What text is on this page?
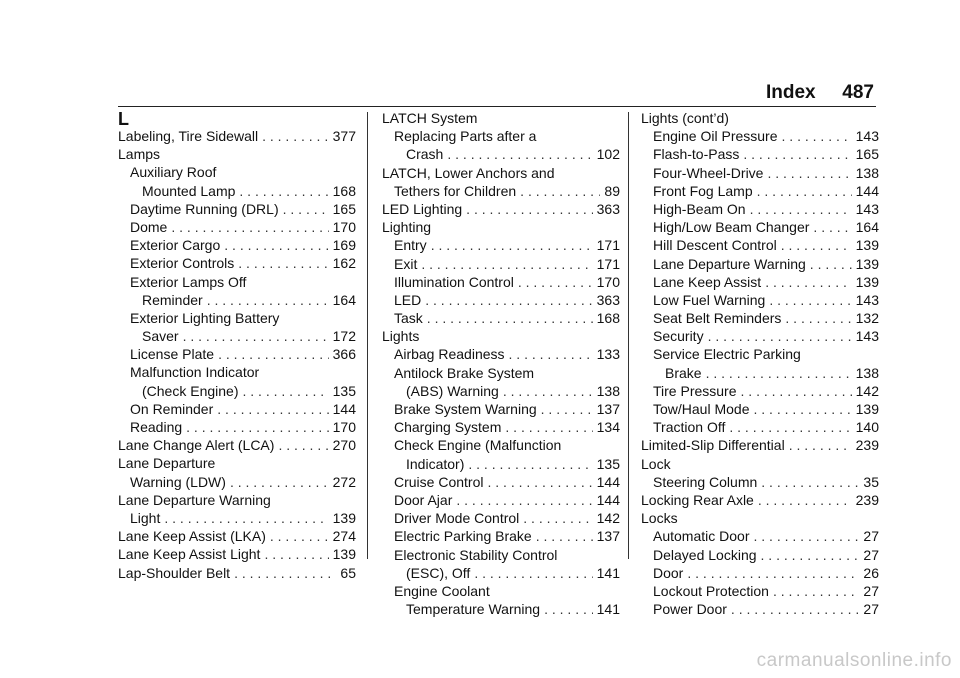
Index 487
L
Labeling, Tire Sidewall . . .	377
Lamps
Auxiliary Roof
Mounted Lamp . . .	168
Daytime Running (DRL) . . .	165
Dome . . .	170
Exterior Cargo . . .	169
Exterior Controls . . .	162
Exterior Lamps Off
Reminder . . .	164
Exterior Lighting Battery
Saver . . .	172
License Plate . . .	366
Malfunction Indicator
(Check Engine) . . .	135
On Reminder . . .	144
Reading . . .	170
Lane Change Alert (LCA) . . .	270
Lane Departure
Warning (LDW) . . .	272
Lane Departure Warning
Light . . .	139
Lane Keep Assist (LKA) . . .	274
Lane Keep Assist Light . . .	139
Lap-Shoulder Belt . . .	65
LATCH System
Replacing Parts after a
Crash . . .	102
LATCH, Lower Anchors and
Tethers for Children . . .	89
LED Lighting . . .	363
Lighting
Entry . . .	171
Exit . . .	171
Illumination Control . . .	170
LED . . .	363
Task . . .	168
Lights
Airbag Readiness . . .	133
Antilock Brake System
(ABS) Warning . . .	138
Brake System Warning . . .	137
Charging System . . .	134
Check Engine (Malfunction
Indicator) . . .	135
Cruise Control . . .	144
Door Ajar . . .	144
Driver Mode Control . . .	142
Electric Parking Brake . . .	137
Electronic Stability Control
(ESC), Off . . .	141
Engine Coolant
Temperature Warning . . .	141
Lights (cont’d)
Engine Oil Pressure . . .	143
Flash-to-Pass . . .	165
Four-Wheel-Drive . . .	138
Front Fog Lamp . . .	144
High-Beam On . . .	143
High/Low Beam Changer . . .	164
Hill Descent Control . . .	139
Lane Departure Warning . . .	139
Lane Keep Assist . . .	139
Low Fuel Warning . . .	143
Seat Belt Reminders . . .	132
Security . . .	143
Service Electric Parking
Brake . . .	138
Tire Pressure . . .	142
Tow/Haul Mode . . .	139
Traction Off . . .	140
Limited-Slip Differential . . .	239
Lock
Steering Column . . .	35
Locking Rear Axle . . .	239
Locks
Automatic Door . . .	27
Delayed Locking . . .	27
Door . . .	26
Lockout Protection . . .	27
Power Door . . .	27
carmanualsonline.info
